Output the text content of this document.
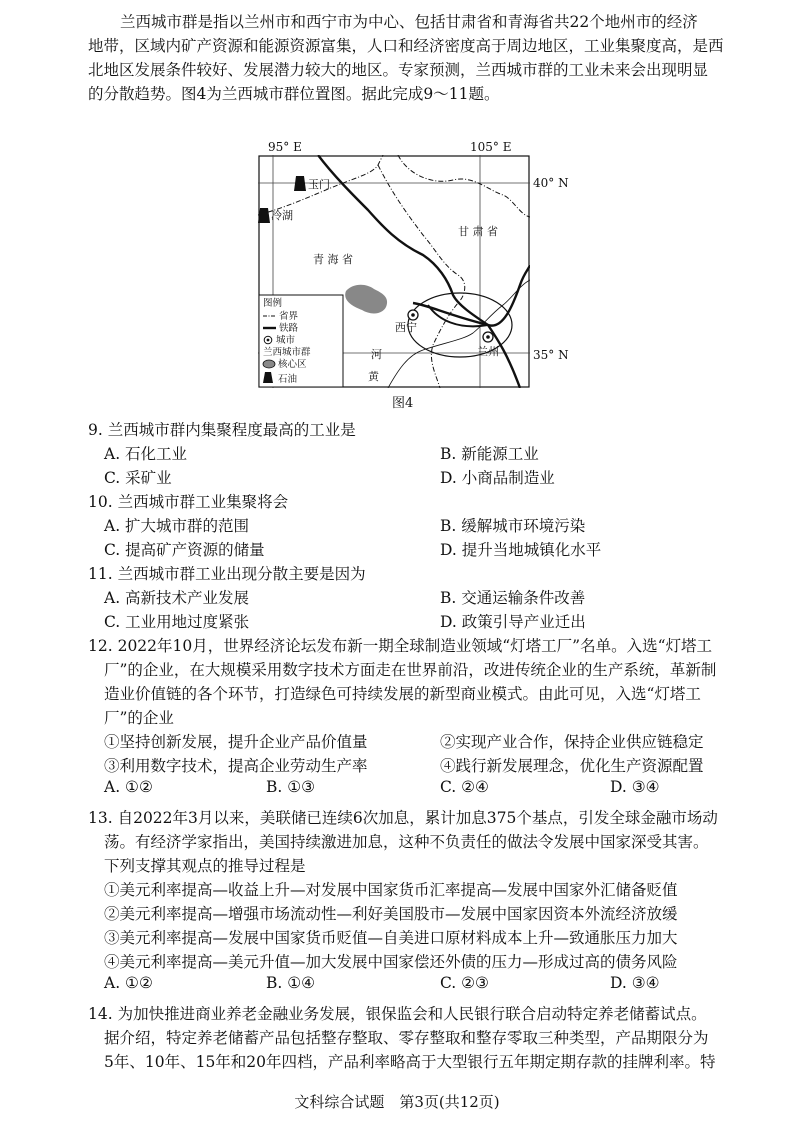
兰西城市群是指以兰州市和西宁市为中心、包括甘肃省和青海省共22个地州市的经济
地带，区域内矿产资源和能源资源富集，人口和经济密度高于周边地区，工业集聚度高，是西
北地区发展条件较好、发展潜力较大的地区。专家预测，兰西城市群的工业未来会出现明显
的分散趋势。图4为兰西城市群位置图。据此完成9～11题。
95° E	105° E
40° N
35° N
玉门
冷湖
甘 肃 省
青 海 省
西宁
兰州
河
黄
图例
省界
铁路
城市
兰西城市群
核心区
石油
图4
9. 兰西城市群内集聚程度最高的工业是
A. 石化工业	B. 新能源工业
C. 采矿业	D. 小商品制造业
10. 兰西城市群工业集聚将会
A. 扩大城市群的范围	B. 缓解城市环境污染
C. 提高矿产资源的储量	D. 提升当地城镇化水平
11. 兰西城市群工业出现分散主要是因为
A. 高新技术产业发展	B. 交通运输条件改善
C. 工业用地过度紧张	D. 政策引导产业迁出
12. 2022年10月，世界经济论坛发布新一期全球制造业领域“灯塔工厂”名单。入选“灯塔工
厂”的企业，在大规模采用数字技术方面走在世界前沿，改进传统企业的生产系统，革新制
造业价值链的各个环节，打造绿色可持续发展的新型商业模式。由此可见，入选“灯塔工
厂”的企业
①坚持创新发展，提升企业产品价值量	②实现产业合作，保持企业供应链稳定
③利用数字技术，提高企业劳动生产率	④践行新发展理念，优化生产资源配置
A. ①②	B. ①③	C. ②④	D. ③④
13. 自2022年3月以来，美联储已连续6次加息，累计加息375个基点，引发全球金融市场动
荡。有经济学家指出，美国持续激进加息，这种不负责任的做法令发展中国家深受其害。
下列支撑其观点的推导过程是
①美元利率提高—收益上升—对发展中国家货币汇率提高—发展中国家外汇储备贬值
②美元利率提高—增强市场流动性—利好美国股市—发展中国家因资本外流经济放缓
③美元利率提高—发展中国家货币贬值—自美进口原材料成本上升—致通胀压力加大
④美元利率提高—美元升值—加大发展中国家偿还外债的压力—形成过高的债务风险
A. ①②	B. ①④	C. ②③	D. ③④
14. 为加快推进商业养老金融业务发展，银保监会和人民银行联合启动特定养老储蓄试点。
据介绍，特定养老储蓄产品包括整存整取、零存整取和整存零取三种类型，产品期限分为
5年、10年、15年和20年四档，产品利率略高于大型银行五年期定期存款的挂牌利率。特
文科综合试题　第3页(共12页)
